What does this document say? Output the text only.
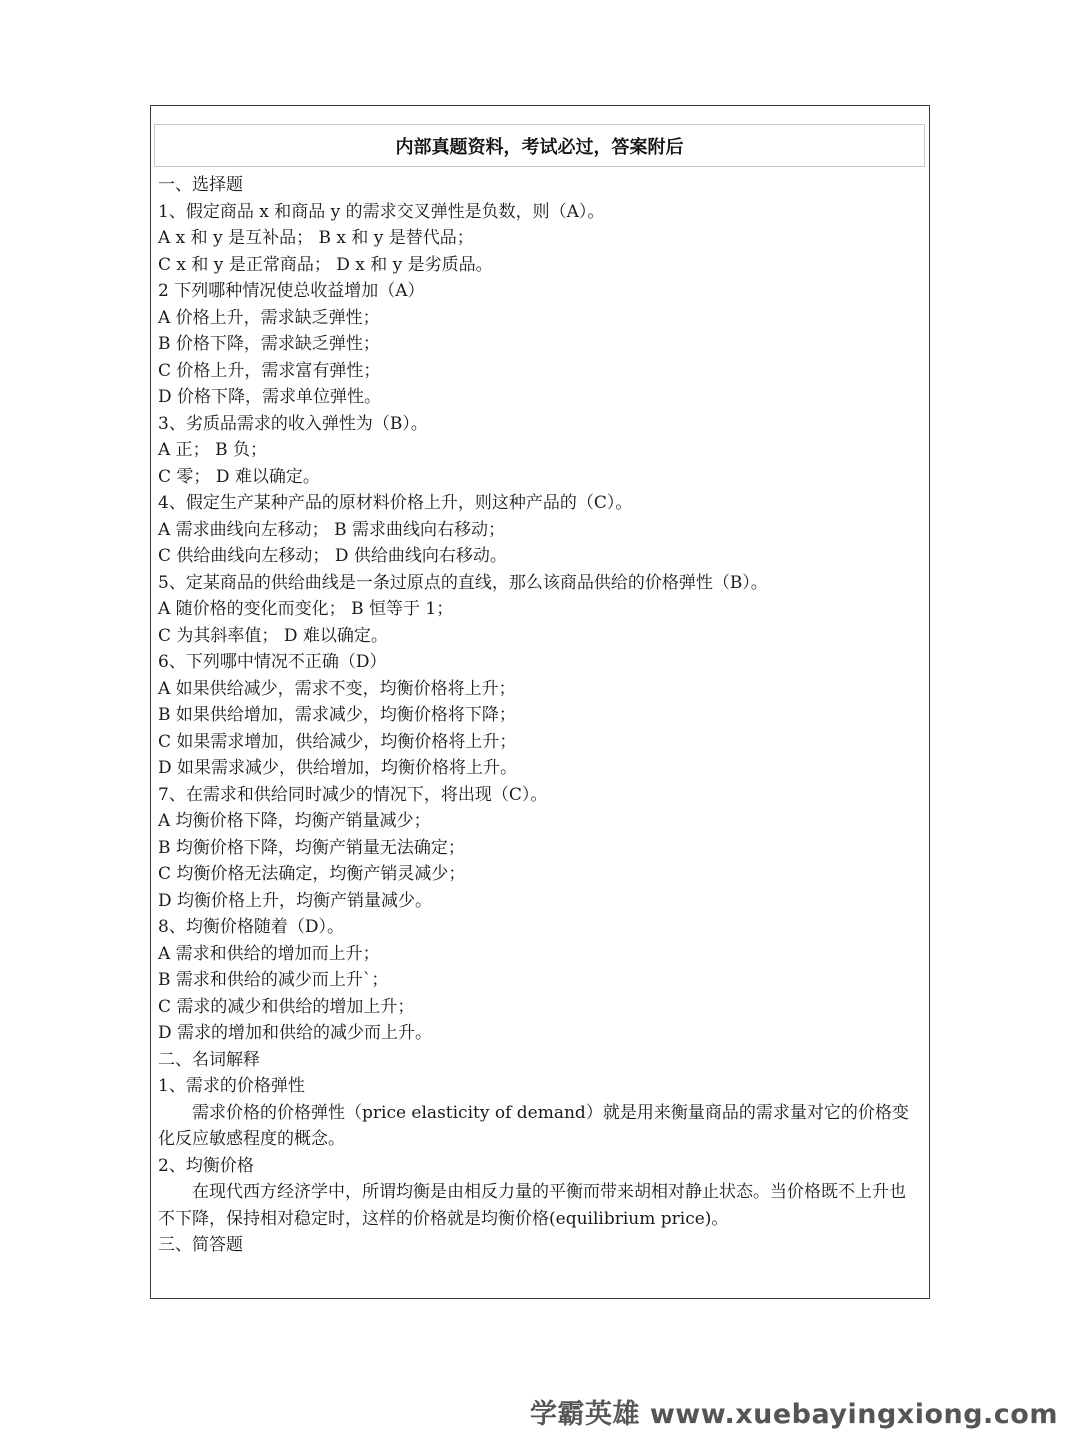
内部真题资料，考试必过，答案附后
一、选择题
1、假定商品 x 和商品 y 的需求交叉弹性是负数，则（A）。
A x 和 y 是互补品； B x 和 y 是替代品；
C x 和 y 是正常商品； D x 和 y 是劣质品。
2 下列哪种情况使总收益增加（A）
A 价格上升，需求缺乏弹性；
B 价格下降，需求缺乏弹性；
C 价格上升，需求富有弹性；
D 价格下降，需求单位弹性。
3、劣质品需求的收入弹性为（B）。
A 正； B 负；
C 零； D 难以确定。
4、假定生产某种产品的原材料价格上升，则这种产品的（C）。
A 需求曲线向左移动； B 需求曲线向右移动；
C 供给曲线向左移动； D 供给曲线向右移动。
5、定某商品的供给曲线是一条过原点的直线，那么该商品供给的价格弹性（B）。
A 随价格的变化而变化； B 恒等于 1；
C 为其斜率值； D 难以确定。
6、下列哪中情况不正确（D）
A 如果供给减少，需求不变，均衡价格将上升；
B 如果供给增加，需求减少，均衡价格将下降；
C 如果需求增加，供给减少，均衡价格将上升；
D 如果需求减少，供给增加，均衡价格将上升。
7、在需求和供给同时减少的情况下，将出现（C）。
A 均衡价格下降，均衡产销量减少；
B 均衡价格下降，均衡产销量无法确定；
C 均衡价格无法确定，均衡产销灵减少；
D 均衡价格上升，均衡产销量减少。
8、均衡价格随着（D）。
A 需求和供给的增加而上升；
B 需求和供给的减少而上升`；
C 需求的减少和供给的增加上升；
D 需求的增加和供给的减少而上升。
二、名词解释
1、需求的价格弹性
需求价格的价格弹性（price elasticity of demand）就是用来衡量商品的需求量对它的价格变化反应敏感程度的概念。
2、均衡价格
在现代西方经济学中，所谓均衡是由相反力量的平衡而带来胡相对静止状态。当价格既不上升也不下降，保持相对稳定时，这样的价格就是均衡价格(equilibrium price)。
三、简答题
学霸英雄 www.xuebayingxiong.com
